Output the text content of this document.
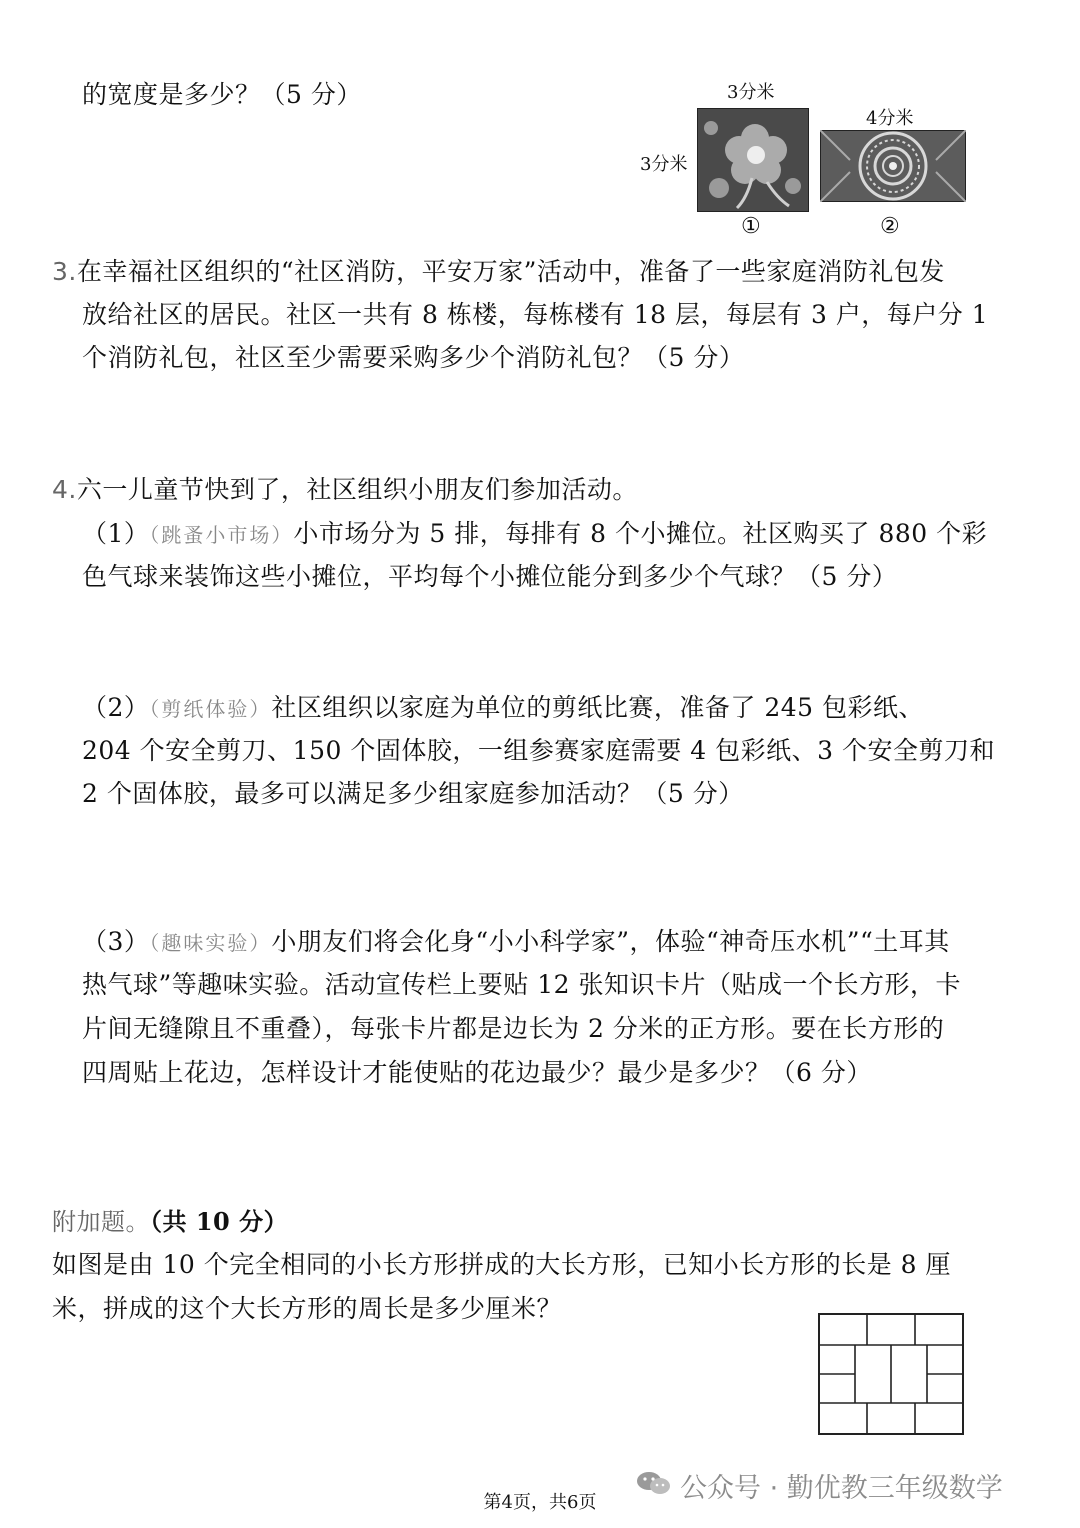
的宽度是多少？（5 分）	3分米
3分米
①
4分米
②
3.在幸福社区组织的“社区消防，平安万家”活动中，准备了一些家庭消防礼包发
放给社区的居民。社区一共有 8 栋楼，每栋楼有 18 层，每层有 3 户，每户分 1
个消防礼包，社区至少需要采购多少个消防礼包？（5 分）
4.六一儿童节快到了，社区组织小朋友们参加活动。
（1）（跳蚤小市场）小市场分为 5 排，每排有 8 个小摊位。社区购买了 880 个彩
色气球来装饰这些小摊位，平均每个小摊位能分到多少个气球？（5 分）
（2）（剪纸体验）社区组织以家庭为单位的剪纸比赛，准备了 245 包彩纸、
204 个安全剪刀、150 个固体胶，一组参赛家庭需要 4 包彩纸、3 个安全剪刀和
2 个固体胶，最多可以满足多少组家庭参加活动？（5 分）
（3）（趣味实验）小朋友们将会化身“小小科学家”，体验“神奇压水机”“土耳其
热气球”等趣味实验。活动宣传栏上要贴 12 张知识卡片（贴成一个长方形，卡
片间无缝隙且不重叠），每张卡片都是边长为 2 分米的正方形。要在长方形的
四周贴上花边，怎样设计才能使贴的花边最少？最少是多少？（6 分）
附加题。（共 10 分）
如图是由 10 个完全相同的小长方形拼成的大长方形，已知小长方形的长是 8 厘
米，拼成的这个大长方形的周长是多少厘米？
公众号 · 勤优教三年级数学
第4页，共6页
